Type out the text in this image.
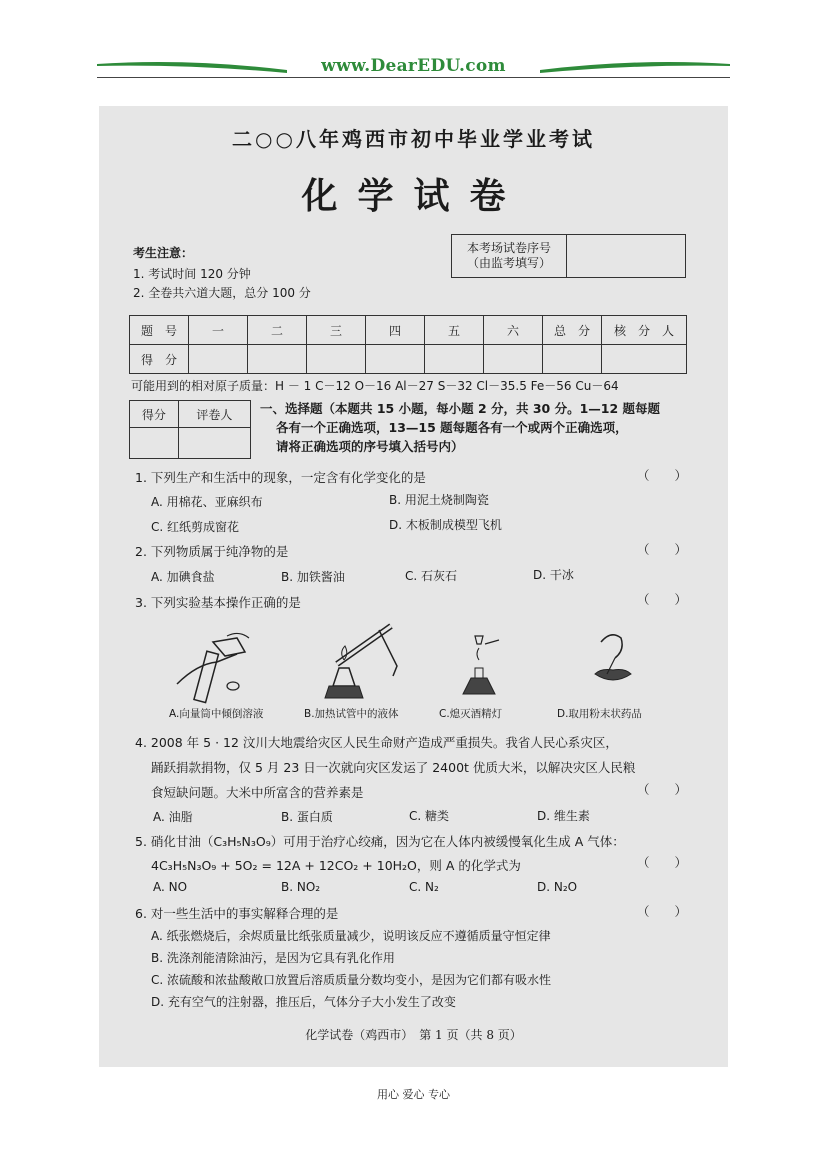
www.DearEDU.com
二○○八年鸡西市初中毕业学业考试
化学试卷
考生注意：
1. 考试时间 120 分钟
2. 全卷共六道大题，总分 100 分
本考场试卷序号
（由监考填写）
题　号	一	二	三	四	五	六	总　分	核　分　人
得　分								
可能用到的相对原子质量：H － 1 C－12 O－16 Al－27 S－32 Cl－35.5 Fe－56 Cu－64
得分	评卷人
	一、选择题（本题共 15 小题，每小题 2 分，共 30 分。1—12 题每题
各有一个正确选项，13—15 题每题各有一个或两个正确选项，
请将正确选项的序号填入括号内）
1. 下列生产和生活中的现象，一定含有化学变化的是	（　　）
A. 用棉花、亚麻织布	B. 用泥土烧制陶瓷
C. 红纸剪成窗花	D. 木板制成模型飞机
2. 下列物质属于纯净物的是	（　　）
A. 加碘食盐	B. 加铁酱油	C. 石灰石	D. 干冰
3. 下列实验基本操作正确的是	（　　）
A.向量筒中倾倒溶液	B.加热试管中的液体	C.熄灭酒精灯	D.取用粉末状药品
4. 2008 年 5 · 12 汶川大地震给灾区人民生命财产造成严重损失。我省人民心系灾区，
踊跃捐款捐物，仅 5 月 23 日一次就向灾区发运了 2400t 优质大米，以解决灾区人民粮
食短缺问题。大米中所富含的营养素是	（　　）
A. 油脂	B. 蛋白质	C. 糖类	D. 维生素
5. 硝化甘油（C₃H₅N₃O₉）可用于治疗心绞痛，因为它在人体内被缓慢氧化生成 A 气体：
4C₃H₅N₃O₉ + 5O₂ = 12A + 12CO₂ + 10H₂O，则 A 的化学式为	（　　）
A. NO	B. NO₂	C. N₂	D. N₂O
6. 对一些生活中的事实解释合理的是	（　　）
A. 纸张燃烧后，余烬质量比纸张质量减少，说明该反应不遵循质量守恒定律
B. 洗涤剂能清除油污，是因为它具有乳化作用
C. 浓硫酸和浓盐酸敞口放置后溶质质量分数均变小，是因为它们都有吸水性
D. 充有空气的注射器，推压后，气体分子大小发生了改变
化学试卷（鸡西市）　第 1 页（共 8 页）
用心 爱心 专心
